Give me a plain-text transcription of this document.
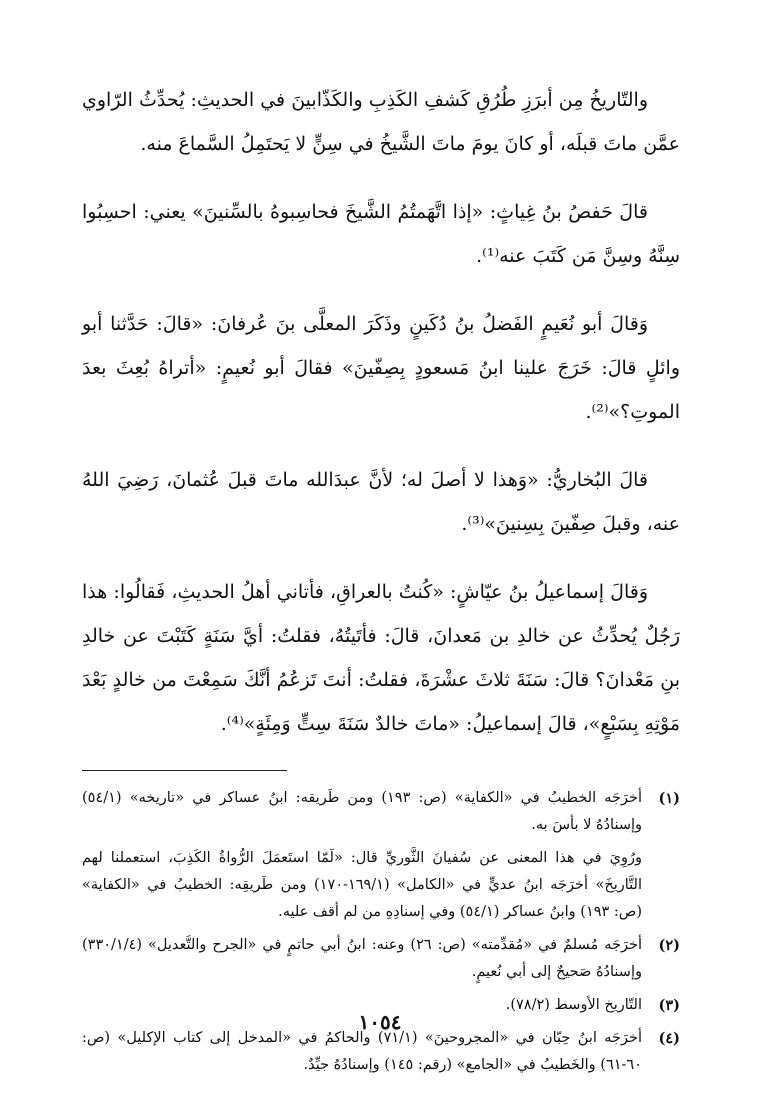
والتّاريخُ مِن أبرَزِ طُرُقِ كَشفِ الكَذِبِ والكَذّابينَ في الحديثِ: يُحدِّثُ الرّاوي عمَّن ماتَ قبلَه، أو كانَ يومَ ماتَ الشَّيخُ في سِنٍّ لا يَحتَمِلُ السَّماعَ منه.

قالَ حَفصُ بنُ غِياثٍ: «إذا اتَّهَمتُمُ الشَّيخَ فحاسِبوهُ بالسِّنينَ» يعني: احسِبُوا سِنَّهُ وسِنَّ مَن كَتَبَ عنه⁽¹⁾.

وَقالَ أبو نُعَيمٍ الفَضلُ بنُ دُكَينٍ وذَكَرَ المعلَّى بنَ عُرفانَ: «قالَ: حَدَّثنا أبو وائلٍ قالَ: خَرَجَ علينا ابنُ مَسعودٍ بِصِفّينَ» فقالَ أبو نُعيمٍ: «أتراهُ بُعِثَ بعدَ الموتِ؟»⁽²⁾.

قالَ البُخاريُّ: «وَهذا لا أصلَ له؛ لأنَّ عبدَالله ماتَ قبلَ عُثمانَ، رَضِيَ اللهُ عنه، وقبلَ صِفّينَ بِسِنينَ»⁽³⁾.

وَقالَ إسماعيلُ بنُ عيّاشٍ: «كُنتُ بالعراقِ، فأتاني أهلُ الحديثِ، فَقالُوا: هذا رَجُلٌ يُحدِّثُ عن خالدِ بن مَعدانَ، قالَ: فأتَيتُهُ، فقلتُ: أيَّ سَنَةٍ كَتَبْتَ عن خالدِ بنِ مَعْدانَ؟ قالَ: سَنَةَ ثلاثَ عشْرَةَ، فقلتُ: أنتَ تَزعُمُ أنَّكَ سَمِعْتَ من خالدٍ بَعْدَ مَوْتِهِ بِسَبْعٍ»، قالَ إسماعيلُ: «ماتَ خالدٌ سَنَةَ سِتٍّ وَمِئَةٍ»⁽⁴⁾.

(١)

أخرَجَه الخطيبُ في «الكفاية» (ص: ١٩٣) ومن طَريقه: ابنُ عساكر في «تاريخه» (٥٤/١) وإسنادُهُ لا بأسَ به.

ورُوِيَ في هذا المعنى عن سُفيانَ الثَّوريِّ قال: «لَمّا استَعمَلَ الرُّواةُ الكَذِبَ، استعملنا لهم التَّاريخَ» أخرَجَه ابنُ عديٍّ في «الكامل» (١٦٩/١-١٧٠) ومن طَريقِه: الخطيبُ في «الكفاية» (ص: ١٩٣) وابنُ عساكر (٥٤/١) وفي إسنادِهِ من لم أقف عليه.

(٢)

أخرَجَه مُسلمٌ في «مُقدِّمته» (ص: ٢٦) وعنه: ابنُ أبي حاتمٍ في «الجرح والتَّعديل» (٣٣٠/١/٤) وإسنادُهُ صَحيحٌ إلى أبي نُعيمٍ.

(٣)

التّاريخ الأوسط (٧٨/٢).

(٤)

أخرَجَه ابنُ حِبّان في «المجروحينَ» (٧١/١) والحاكمُ في «المدخل إلى كتاب الإكليل» (ص: ٦٠-٦١) والخَطيبُ في «الجامع» (رقم: ١٤٥) وإسنادُهُ جيِّدٌ.

١٠٥٤
